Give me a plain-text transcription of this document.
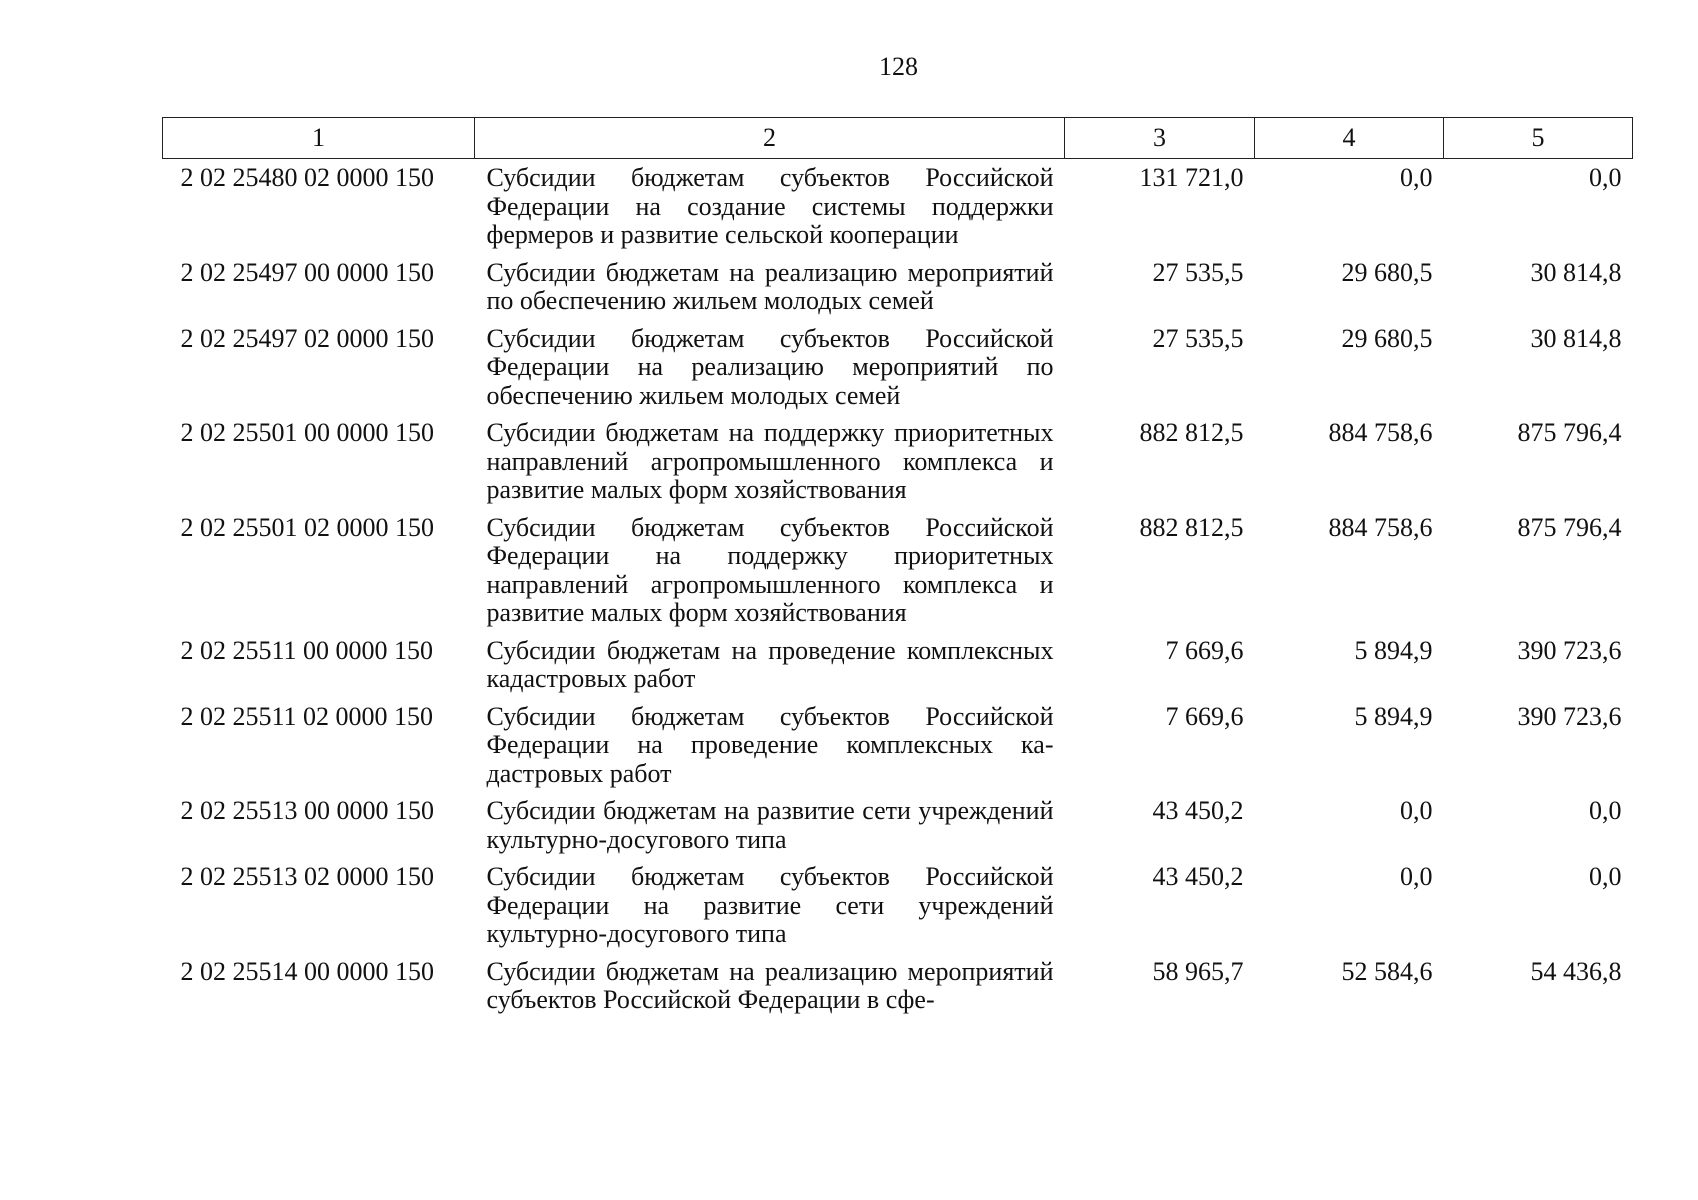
128
1	2	3	4	5
2 02 25480 02 0000 150	Субсидии бюджетам субъектов Российской Федерации на создание системы поддержки фермеров и развитие сельской кооперации	131 721,0	0,0	0,0
2 02 25497 00 0000 150	Субсидии бюджетам на реализацию мероприятий по обеспечению жильем молодых семей	27 535,5	29 680,5	30 814,8
2 02 25497 02 0000 150	Субсидии бюджетам субъектов Российской Федерации на реализацию мероприятий по обеспечению жильем молодых семей	27 535,5	29 680,5	30 814,8
2 02 25501 00 0000 150	Субсидии бюджетам на поддержку приоритетных направлений агропромышленного комплекса и развитие малых форм хозяйствования	882 812,5	884 758,6	875 796,4
2 02 25501 02 0000 150	Субсидии бюджетам субъектов Российской Федерации на поддержку приоритетных направлений агропромышленного комплекса и развитие малых форм хозяйствования	882 812,5	884 758,6	875 796,4
2 02 25511 00 0000 150	Субсидии бюджетам на проведение комплексных кадастровых работ	7 669,6	5 894,9	390 723,6
2 02 25511 02 0000 150	Субсидии бюджетам субъектов Российской Федерации на проведение комплексных кадастровых работ	7 669,6	5 894,9	390 723,6
2 02 25513 00 0000 150	Субсидии бюджетам на развитие сети учреждений культурно-досугового типа	43 450,2	0,0	0,0
2 02 25513 02 0000 150	Субсидии бюджетам субъектов Российской Федерации на развитие сети учреждений культурно-досугового типа	43 450,2	0,0	0,0
2 02 25514 00 0000 150	Субсидии бюджетам на реализацию мероприятий субъектов Российской Федерации в сфе-	58 965,7	52 584,6	54 436,8
